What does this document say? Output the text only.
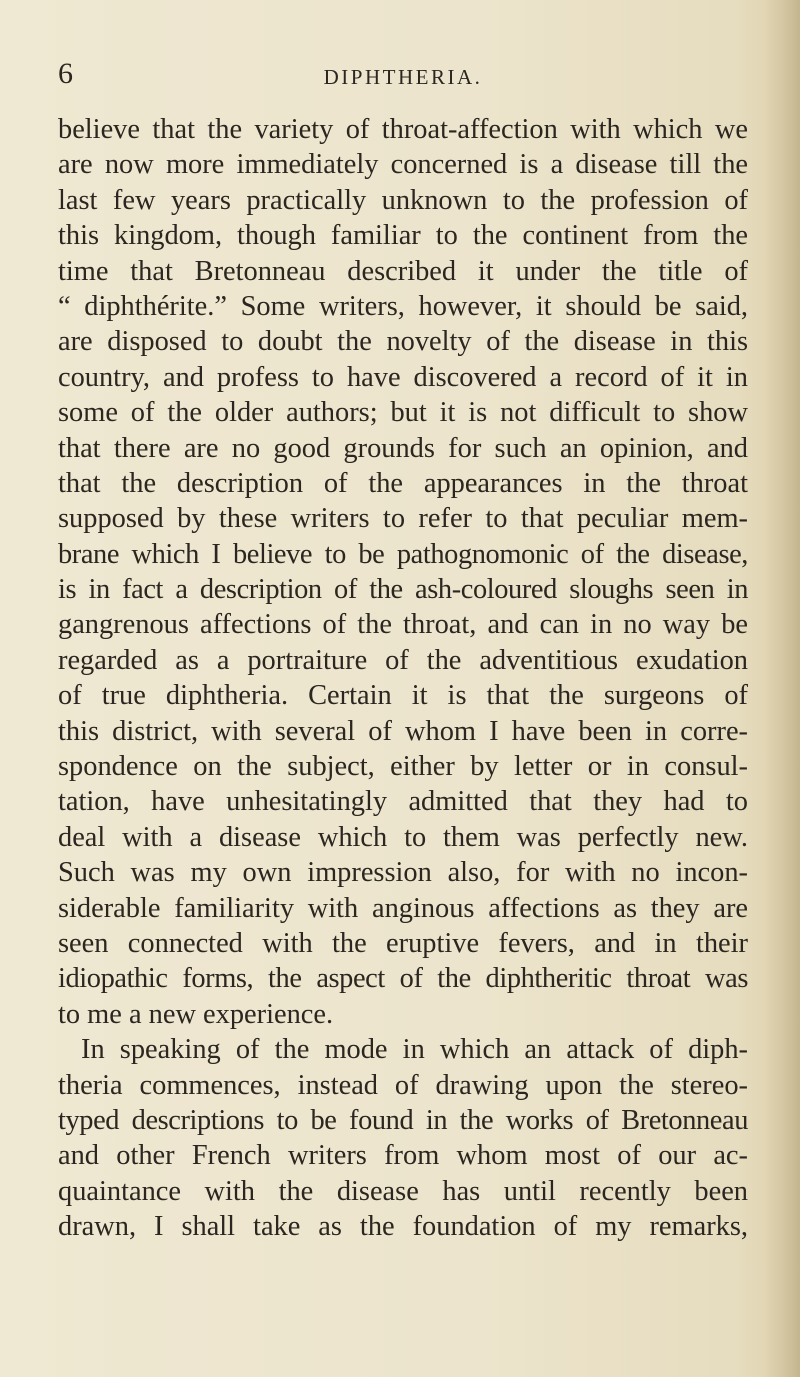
6	DIPHTHERIA.
believe that the variety of throat-affection with which we
are now more immediately concerned is a disease till the
last few years practically unknown to the profession of
this kingdom, though familiar to the continent from the
time that Bretonneau described it under the title of
“ diphthérite.” Some writers, however, it should be said,
are disposed to doubt the novelty of the disease in this
country, and profess to have discovered a record of it in
some of the older authors; but it is not difficult to show
that there are no good grounds for such an opinion, and
that the description of the appearances in the throat
supposed by these writers to refer to that peculiar mem-
brane which I believe to be pathognomonic of the disease,
is in fact a description of the ash-coloured sloughs seen in
gangrenous affections of the throat, and can in no way be
regarded as a portraiture of the adventitious exudation
of true diphtheria. Certain it is that the surgeons of
this district, with several of whom I have been in corre-
spondence on the subject, either by letter or in consul-
tation, have unhesitatingly admitted that they had to
deal with a disease which to them was perfectly new.
Such was my own impression also, for with no incon-
siderable familiarity with anginous affections as they are
seen connected with the eruptive fevers, and in their
idiopathic forms, the aspect of the diphtheritic throat was
to me a new experience.
In speaking of the mode in which an attack of diph-
theria commences, instead of drawing upon the stereo-
typed descriptions to be found in the works of Bretonneau
and other French writers from whom most of our ac-
quaintance with the disease has until recently been
drawn, I shall take as the foundation of my remarks,
